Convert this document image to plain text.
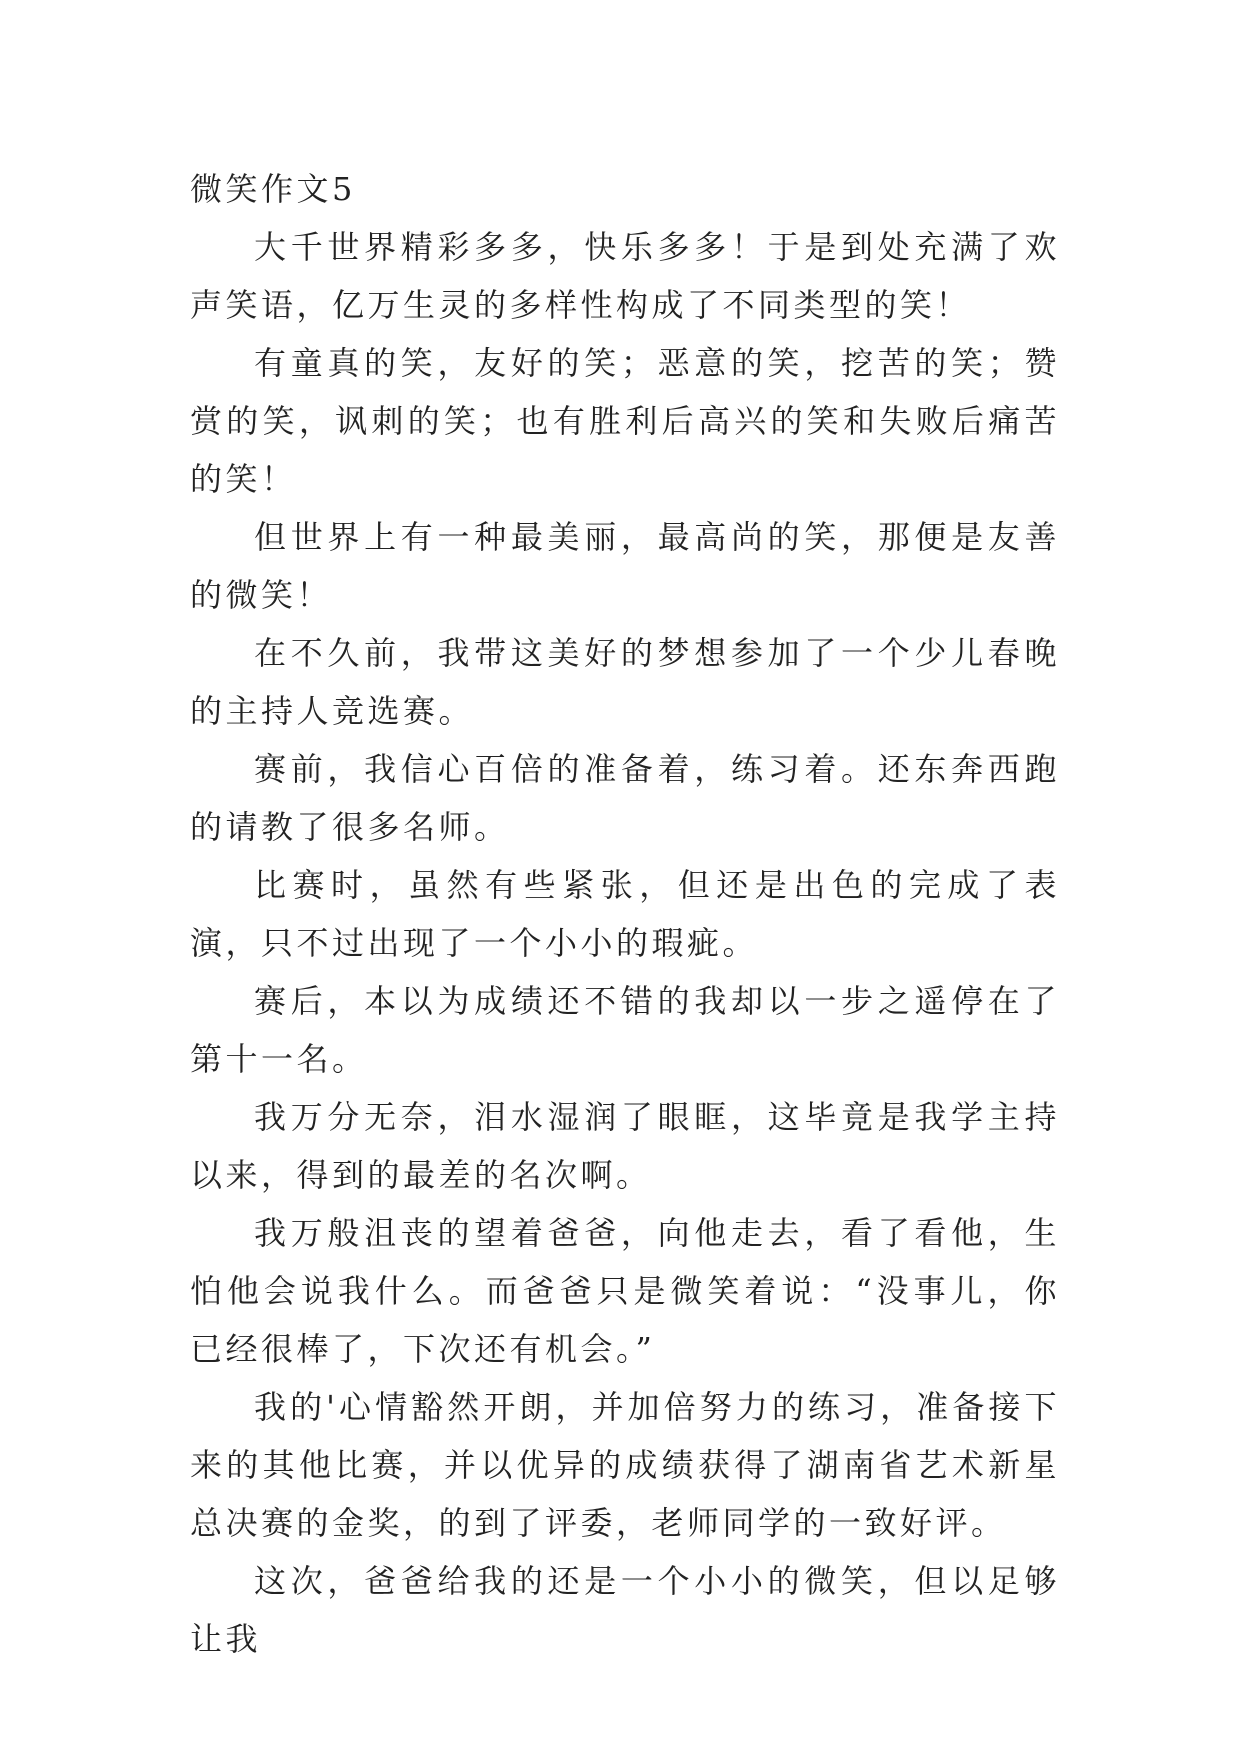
微笑作文5

大千世界精彩多多，快乐多多！于是到处充满了欢声笑语，亿万生灵的多样性构成了不同类型的笑！

有童真的笑，友好的笑；恶意的笑，挖苦的笑；赞赏的笑，讽刺的笑；也有胜利后高兴的笑和失败后痛苦的笑！

但世界上有一种最美丽，最高尚的笑，那便是友善的微笑！

在不久前，我带这美好的梦想参加了一个少儿春晚的主持人竞选赛。

赛前，我信心百倍的准备着，练习着。还东奔西跑的请教了很多名师。

比赛时，虽然有些紧张，但还是出色的完成了表演，只不过出现了一个小小的瑕疵。

赛后，本以为成绩还不错的我却以一步之遥停在了第十一名。

我万分无奈，泪水湿润了眼眶，这毕竟是我学主持以来，得到的最差的名次啊。

我万般沮丧的望着爸爸，向他走去，看了看他，生怕他会说我什么。而爸爸只是微笑着说：“没事儿，你已经很棒了，下次还有机会。”

我的'心情豁然开朗，并加倍努力的练习，准备接下来的其他比赛，并以优异的成绩获得了湖南省艺术新星总决赛的金奖，的到了评委，老师同学的一致好评。

这次，爸爸给我的还是一个小小的微笑，但以足够让我
